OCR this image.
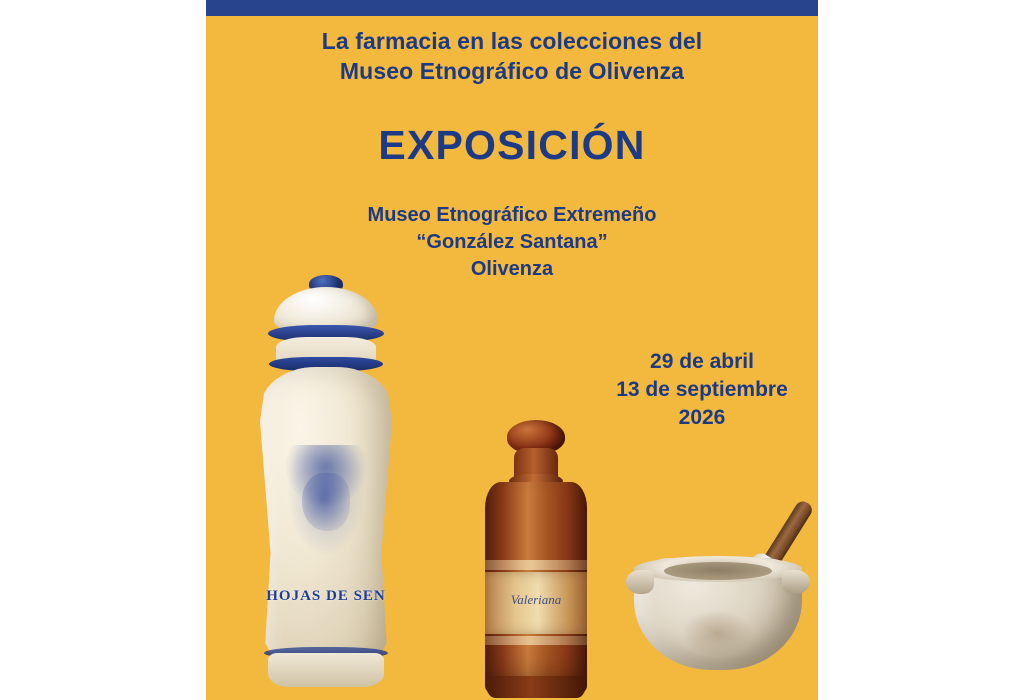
La farmacia en las colecciones del
Museo Etnográfico de Olivenza
EXPOSICIÓN
Museo Etnográfico Extremeño
“González Santana”
Olivenza
29 de abril
13 de septiembre
2026
HOJAS DE SEN	Valeriana
